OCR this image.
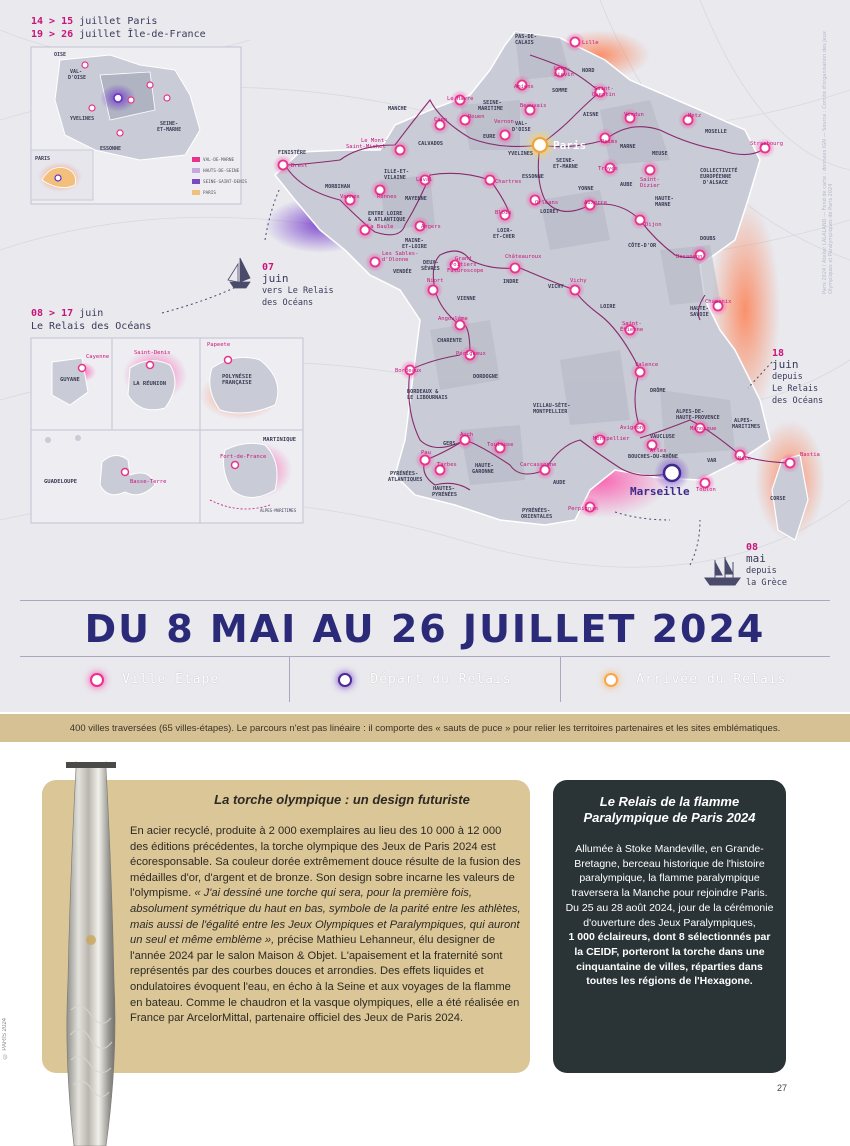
Paris
Marseille
PAS-DE-
CALAIS
NORD
SOMME
AISNE
SEINE-
MARITIME
VAL-
D'OISE
MANCHE
CALVADOS
EURE
YVELINES
SEINE-
ET-MARNE
MARNE
MEUSE
MOSELLE
FINISTÈRE
ILLE-ET-
VILAINE
MORBIHAN
MAYENNE
ESSONNE
AUBE
HAUTE-
MARNE
COLLECTIVITÉ
EUROPÉENNE
D'ALSACE
LOIRET
YONNE
ENTRE LOIRE
& ATLANTIQUE
LOIR-
ET-CHER
CÔTE-D'OR
DOUBS
MAINE-
ET-LOIRE
VENDÉE
DEUX-
SÈVRES
VIENNE
INDRE
VICHY
LOIRE	HAUTE-
SAVOIE
CHARENTE
DORDOGNE
BORDEAUX &
LE LIBOURNAIS
DRÔME
VILLAU-SÈTE-
MONTPELLIER
GERS
HAUTE-
GARONNE
PYRÉNÉES-
ATLANTIQUES
HAUTES-
PYRÉNÉES
VAUCLUSE
ALPES-DE-
HAUTE-PROVENCE	ALPES-
MARITIMES
BOUCHES-DU-RHÔNE
VAR
AUDE
PYRÉNÉES-
ORIENTALES
CORSE
Lille
Lens-
Liévin
Amiens	Saint-
Quentin
Le Havre
Rouen
Beauvais
Vernon
Verdun	Metz
Reims	Strasbourg
Caen
Le Mont-
Saint-Michel
Brest
Rennes
Laval
Vannes
Chartres
Troyes
Saint-
Dizier
Orléans	Auxerre
Dijon
La Baule	Angers
Blois
Besançon
Les Sables-
d'Olonne
Niort
Grand
Poitiers
Futuroscope
Châteauroux
Vichy
Chamonix
Angoulême
Saint-
Étienne
Périgueux
Bordeaux
Valence
Manosque
Avignon
Auch
Toulouse
Montpellier
Arles
Nice
Bastia
Pau
Tarbes	Carcassonne
Toulon
Perpignan
VAL-DE-MARNE
HAUTS-DE-SEINE
SEINE-SAINT-DENIS
PARIS
OISE
VAL-
D'OISE
YVELINES
ESSONNE
SEINE-
ET-MARNE
PARIS
14 > 15 juillet Paris
19 > 26 juillet Île-de-France
08 > 17 juin
Le Relais des Océans
07
juin
vers Le Relais
des Océans
18
juin
depuis
Le Relais
des Océans
08
mai
depuis
la Grèce
Cayenne
GUYANE
Saint-Denis
LA RÉUNION
Papeete
POLYNÉSIE FRANÇAISE
Basse-Terre
GUADELOUPE
Fort-de-France
MARTINIQUE
ALPES-MARITIMES
Paris 2024 / Atelier LALALAND — Fond de carte : données IGN — Source : Comité d'organisation des Jeux Olympiques et Paralympiques de Paris 2024
DU 8 MAI AU 26 JUILLET 2024
Ville Étape	Départ du Relais	Arrivée du Relais
400 villes traversées (65 villes-étapes). Le parcours n'est pas linéaire : il comporte des « sauts de puce » pour relier les territoires partenaires et les sites emblématiques.
La torche olympique : un design futuriste
En acier recyclé, produite à 2 000 exemplaires au lieu des 10 000 à 12 000 des éditions précédentes, la torche olympique des Jeux de Paris 2024 est écoresponsable. Sa couleur dorée extrêmement douce résulte de la fusion des médailles d'or, d'argent et de bronze. Son design sobre incarne les valeurs de l'olympisme. « J'ai dessiné une torche qui sera, pour la première fois, absolument symétrique du haut en bas, symbole de la parité entre les athlètes, mais aussi de l'égalité entre les Jeux Olympiques et Paralympiques, qui auront un seul et même emblème », précise Mathieu Lehanneur, élu designer de l'année 2024 par le salon Maison & Objet. L'apaisement et la fraternité sont représentés par des courbes douces et arrondies. Des effets liquides et ondulatoires évoquent l'eau, en écho à la Seine et aux voyages de la flamme en bateau. Comme le chaudron et la vasque olympiques, elle a été réalisée en France par ArcelorMittal, partenaire officiel des Jeux de Paris 2024.
© PARIS 2024
Le Relais de la flamme Paralympique de Paris 2024
Allumée à Stoke Mandeville, en Grande-Bretagne, berceau historique de l'histoire paralympique, la flamme paralympique traversera la Manche pour rejoindre Paris. Du 25 au 28 août 2024, jour de la cérémonie d'ouverture des Jeux Paralympiques,
1 000 éclaireurs, dont 8 sélectionnés par la CEIDF, porteront la torche dans une cinquantaine de villes, réparties dans toutes les régions de l'Hexagone.
27
